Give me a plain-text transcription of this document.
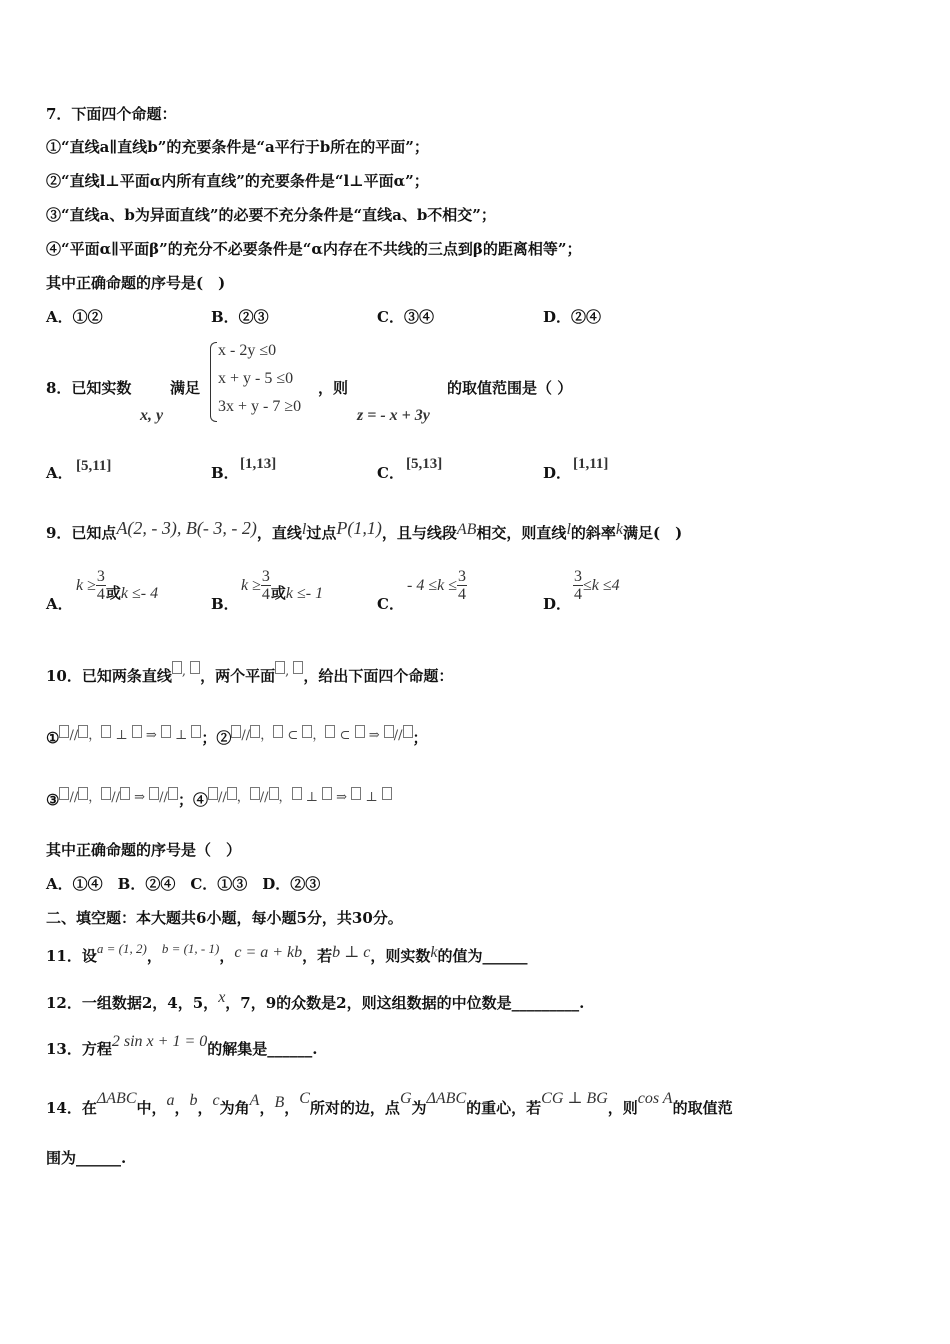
7．下面四个命题：
①“直线a∥直线b”的充要条件是“a平行于b所在的平面”；
②“直线l⊥平面α内所有直线”的充要条件是“l⊥平面α”；
③“直线a、b为异面直线”的必要不充分条件是“直线a、b不相交”；
④“平面α∥平面β”的充分不必要条件是“α内存在不共线的三点到β的距离相等”；
其中正确命题的序号是(　)
A．①②	B．②③	C．③④	D．②④
8．已知实数
x, y
满足
x - 2y ≤0
x + y - 5 ≤0
3x + y - 7 ≥0
，则
z = - x + 3y
的取值范围是（ ）
A． [5,11]	B． [1,13]	C． [5,13]	D． [1,11]
9．已知点A(2, - 3), B(- 3, - 2)，直线l过点P(1,1)，且与线段AB相交，则直线l的斜率k满足(　)
A．
$k \ge \frac{3}{4}$ 或k ≤- 4
B．
$k \ge \frac{3}{4}$ 或k ≤- 1
C．
- $4 \le k \le \frac{3}{4}$
D．
$\frac{3}{4} \le k \le 4$
10．已知两条直线 , ，两个平面 , ，给出下面四个命题：
① // ， ⊥  ⇒  ⊥ ；② // ， ⊂ ， ⊂  ⇒ // ；
③ // ， // ⇒ // ；④ // ， // ， ⊥  ⇒  ⊥
其中正确命题的序号是（　）
A．①④　B．②④　C．①③　D．②③
二、填空题：本大题共6小题，每小题5分，共30分。
11．设a = (1, 2)，b = (1, - 1)，c = a + kb，若b ⊥ c，则实数k的值为______
12．一组数据2，4，5，x，7，9的众数是2，则这组数据的中位数是_________.
13．方程2 sin x + 1 = 0的解集是______.
14．在ΔABC中，a，b，c为角A，B，C所对的边，点G为ΔABC的重心，若CG ⊥ BG，则cos A的取值范
围为______.
